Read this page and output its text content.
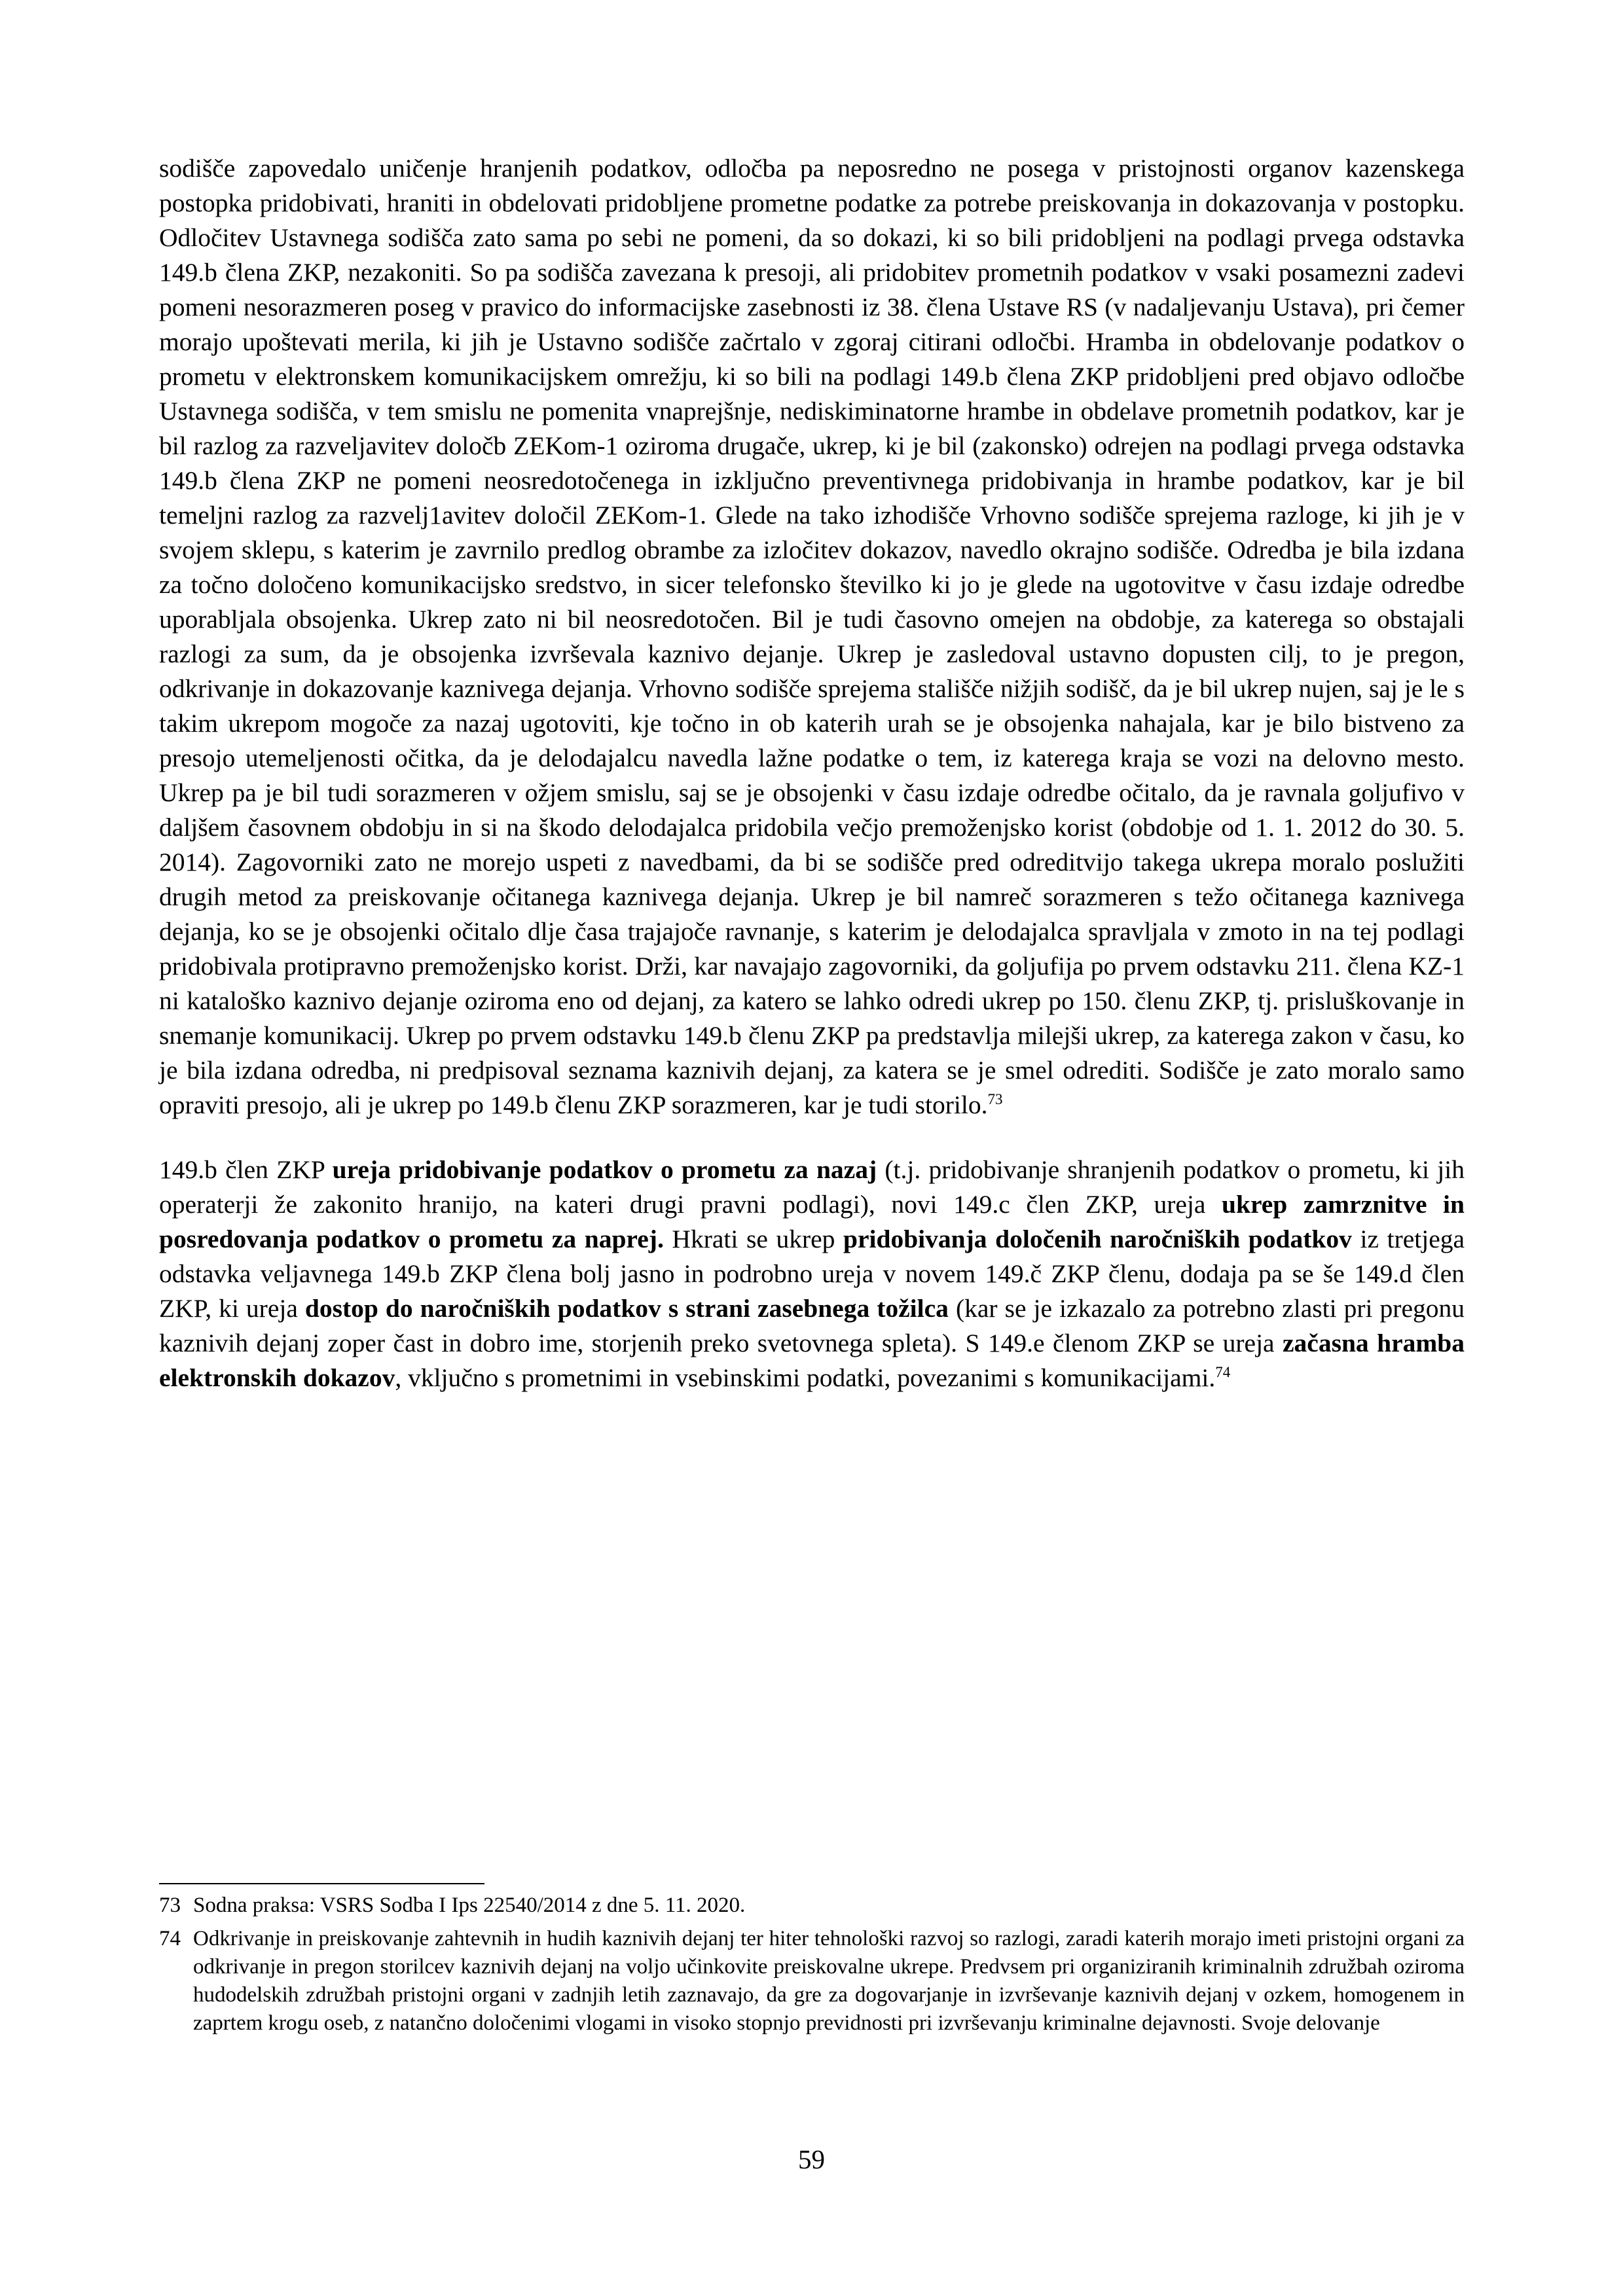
sodišče zapovedalo uničenje hranjenih podatkov, odločba pa neposredno ne posega v pristojnosti organov kazenskega postopka pridobivati, hraniti in obdelovati pridobljene prometne podatke za potrebe preiskovanja in dokazovanja v postopku. Odločitev Ustavnega sodišča zato sama po sebi ne pomeni, da so dokazi, ki so bili pridobljeni na podlagi prvega odstavka 149.b člena ZKP, nezakoniti. So pa sodišča zavezana k presoji, ali pridobitev prometnih podatkov v vsaki posamezni zadevi pomeni nesorazmeren poseg v pravico do informacijske zasebnosti iz 38. člena Ustave RS (v nadaljevanju Ustava), pri čemer morajo upoštevati merila, ki jih je Ustavno sodišče začrtalo v zgoraj citirani odločbi. Hramba in obdelovanje podatkov o prometu v elektronskem komunikacijskem omrežju, ki so bili na podlagi 149.b člena ZKP pridobljeni pred objavo odločbe Ustavnega sodišča, v tem smislu ne pomenita vnaprejšnje, nediskiminatorne hrambe in obdelave prometnih podatkov, kar je bil razlog za razveljavitev določb ZEKom-1 oziroma drugače, ukrep, ki je bil (zakonsko) odrejen na podlagi prvega odstavka 149.b člena ZKP ne pomeni neosredotočenega in izključno preventivnega pridobivanja in hrambe podatkov, kar je bil temeljni razlog za razvelj1avitev določil ZEKom-1. Glede na tako izhodišče Vrhovno sodišče sprejema razloge, ki jih je v svojem sklepu, s katerim je zavrnilo predlog obrambe za izločitev dokazov, navedlo okrajno sodišče. Odredba je bila izdana za točno določeno komunikacijsko sredstvo, in sicer telefonsko številko ki jo je glede na ugotovitve v času izdaje odredbe uporabljala obsojenka. Ukrep zato ni bil neosredotočen. Bil je tudi časovno omejen na obdobje, za katerega so obstajali razlogi za sum, da je obsojenka izvrševala kaznivo dejanje. Ukrep je zasledoval ustavno dopusten cilj, to je pregon, odkrivanje in dokazovanje kaznivega dejanja. Vrhovno sodišče sprejema stališče nižjih sodišč, da je bil ukrep nujen, saj je le s takim ukrepom mogoče za nazaj ugotoviti, kje točno in ob katerih urah se je obsojenka nahajala, kar je bilo bistveno za presojo utemeljenosti očitka, da je delodajalcu navedla lažne podatke o tem, iz katerega kraja se vozi na delovno mesto. Ukrep pa je bil tudi sorazmeren v ožjem smislu, saj se je obsojenki v času izdaje odredbe očitalo, da je ravnala goljufivo v daljšem časovnem obdobju in si na škodo delodajalca pridobila večjo premoženjsko korist (obdobje od 1. 1. 2012 do 30. 5. 2014). Zagovorniki zato ne morejo uspeti z navedbami, da bi se sodišče pred odreditvijo takega ukrepa moralo poslužiti drugih metod za preiskovanje očitanega kaznivega dejanja. Ukrep je bil namreč sorazmeren s težo očitanega kaznivega dejanja, ko se je obsojenki očitalo dlje časa trajajoče ravnanje, s katerim je delodajalca spravljala v zmoto in na tej podlagi pridobivala protipravno premoženjsko korist. Drži, kar navajajo zagovorniki, da goljufija po prvem odstavku 211. člena KZ-1 ni kataloško kaznivo dejanje oziroma eno od dejanj, za katero se lahko odredi ukrep po 150. členu ZKP, tj. prisluškovanje in snemanje komunikacij. Ukrep po prvem odstavku 149.b členu ZKP pa predstavlja milejši ukrep, za katerega zakon v času, ko je bila izdana odredba, ni predpisoval seznama kaznivih dejanj, za katera se je smel odrediti. Sodišče je zato moralo samo opraviti presojo, ali je ukrep po 149.b členu ZKP sorazmeren, kar je tudi storilo.$^{73}$

149.b člen ZKP ureja pridobivanje podatkov o prometu za nazaj (t.j. pridobivanje shranjenih podatkov o prometu, ki jih operaterji že zakonito hranijo, na kateri drugi pravni podlagi), novi 149.c člen ZKP, ureja ukrep zamrznitve in posredovanja podatkov o prometu za naprej. Hkrati se ukrep pridobivanja določenih naročniških podatkov iz tretjega odstavka veljavnega 149.b ZKP člena bolj jasno in podrobno ureja v novem 149.č ZKP členu, dodaja pa se še 149.d člen ZKP, ki ureja dostop do naročniških podatkov s strani zasebnega tožilca (kar se je izkazalo za potrebno zlasti pri pregonu kaznivih dejanj zoper čast in dobro ime, storjenih preko svetovnega spleta). S 149.e členom ZKP se ureja začasna hramba elektronskih dokazov, vključno s prometnimi in vsebinskimi podatki, povezanimi s komunikacijami.$^{74}$

73 Sodna praksa: VSRS Sodba I Ips 22540/2014 z dne 5. 11. 2020.
74 Odkrivanje in preiskovanje zahtevnih in hudih kaznivih dejanj ter hiter tehnološki razvoj so razlogi, zaradi katerih morajo imeti pristojni organi za odkrivanje in pregon storilcev kaznivih dejanj na voljo učinkovite preiskovalne ukrepe. Predvsem pri organiziranih kriminalnih združbah oziroma hudodelskih združbah pristojni organi v zadnjih letih zaznavajo, da gre za dogovarjanje in izvrševanje kaznivih dejanj v ozkem, homogenem in zaprtem krogu oseb, z natančno določenimi vlogami in visoko stopnjo previdnosti pri izvrševanju kriminalne dejavnosti. Svoje delovanje
59
